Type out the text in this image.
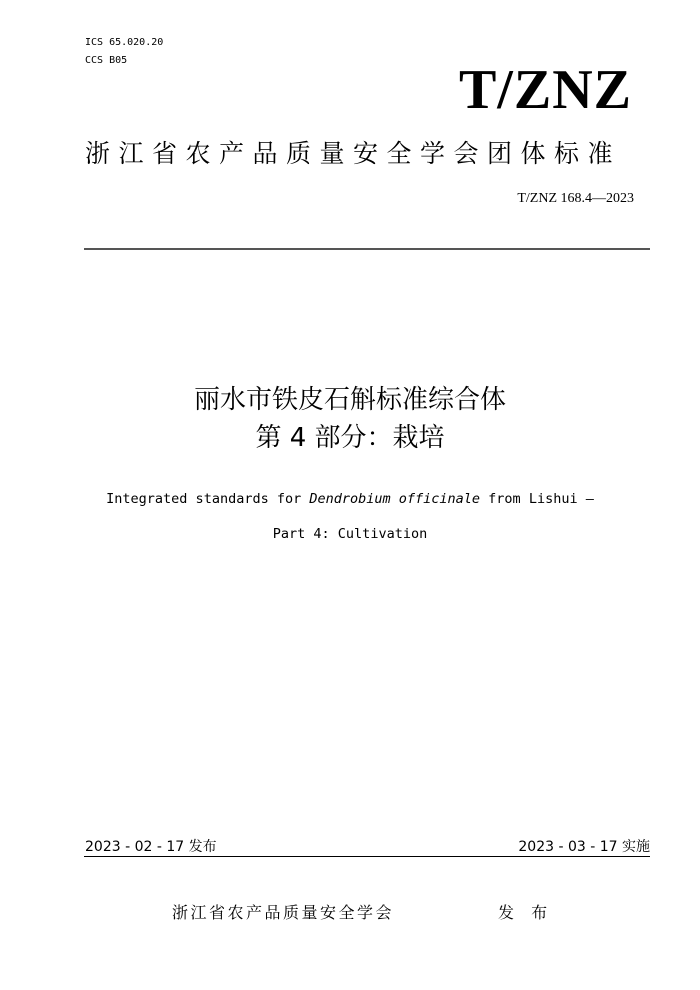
ICS 65.020.20
CCS B05	T/ZNZ
浙江省农产品质量安全学会团体标准
T/ZNZ 168.4—2023
丽水市铁皮石斛标准综合体
第 4 部分：栽培
Integrated standards for Dendrobium officinale from Lishui —
Part 4: Cultivation
2023 - 02 - 17 发布	2023 - 03 - 17 实施
浙江省农产品质量安全学会	发 布
